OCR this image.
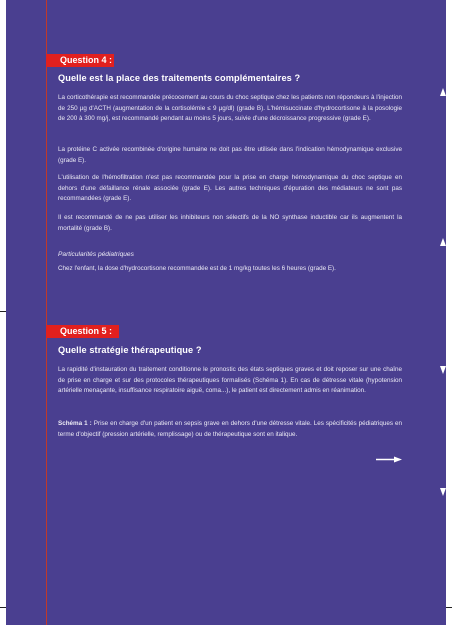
Question 4 :
Quelle est la place des traitements complémentaires ?

La corticothérapie est recommandée précocement au cours du choc septique chez les patients non répondeurs à l'injection de 250 µg d'ACTH (augmentation de la cortisolémie ≤ 9 µg/dl) (grade B). L'hémisuccinate d'hydrocortisone à la posologie de 200 à 300 mg/j, est recommandé pendant au moins 5 jours, suivie d'une décroissance progressive (grade E).

La protéine C activée recombinée d'origine humaine ne doit pas être utilisée dans l'indication hémodynamique exclusive (grade E).

L'utilisation de l'hémofiltration n'est pas recommandée pour la prise en charge hémodynamique du choc septique en dehors d'une défaillance rénale associée (grade E). Les autres techniques d'épuration des médiateurs ne sont pas recommandées (grade E).

Il est recommandé de ne pas utiliser les inhibiteurs non sélectifs de la NO synthase inductible car ils augmentent la mortalité (grade B).

Particularités pédiatriques

Chez l'enfant, la dose d'hydrocortisone recommandée est de 1 mg/kg toutes les 6 heures (grade E).

Question 5 :
Quelle stratégie thérapeutique ?

La rapidité d'instauration du traitement conditionne le pronostic des états septiques graves et doit reposer sur une chaîne de prise en charge et sur des protocoles thérapeutiques formalisés (Schéma 1). En cas de détresse vitale (hypotension artérielle menaçante, insuffisance respiratoire aiguë, coma...), le patient est directement admis en réanimation.

Schéma 1 : Prise en charge d'un patient en sepsis grave en dehors d'une détresse vitale. Les spécificités pédiatriques en terme d'objectif (pression artérielle, remplissage) ou de thérapeutique sont en italique.
